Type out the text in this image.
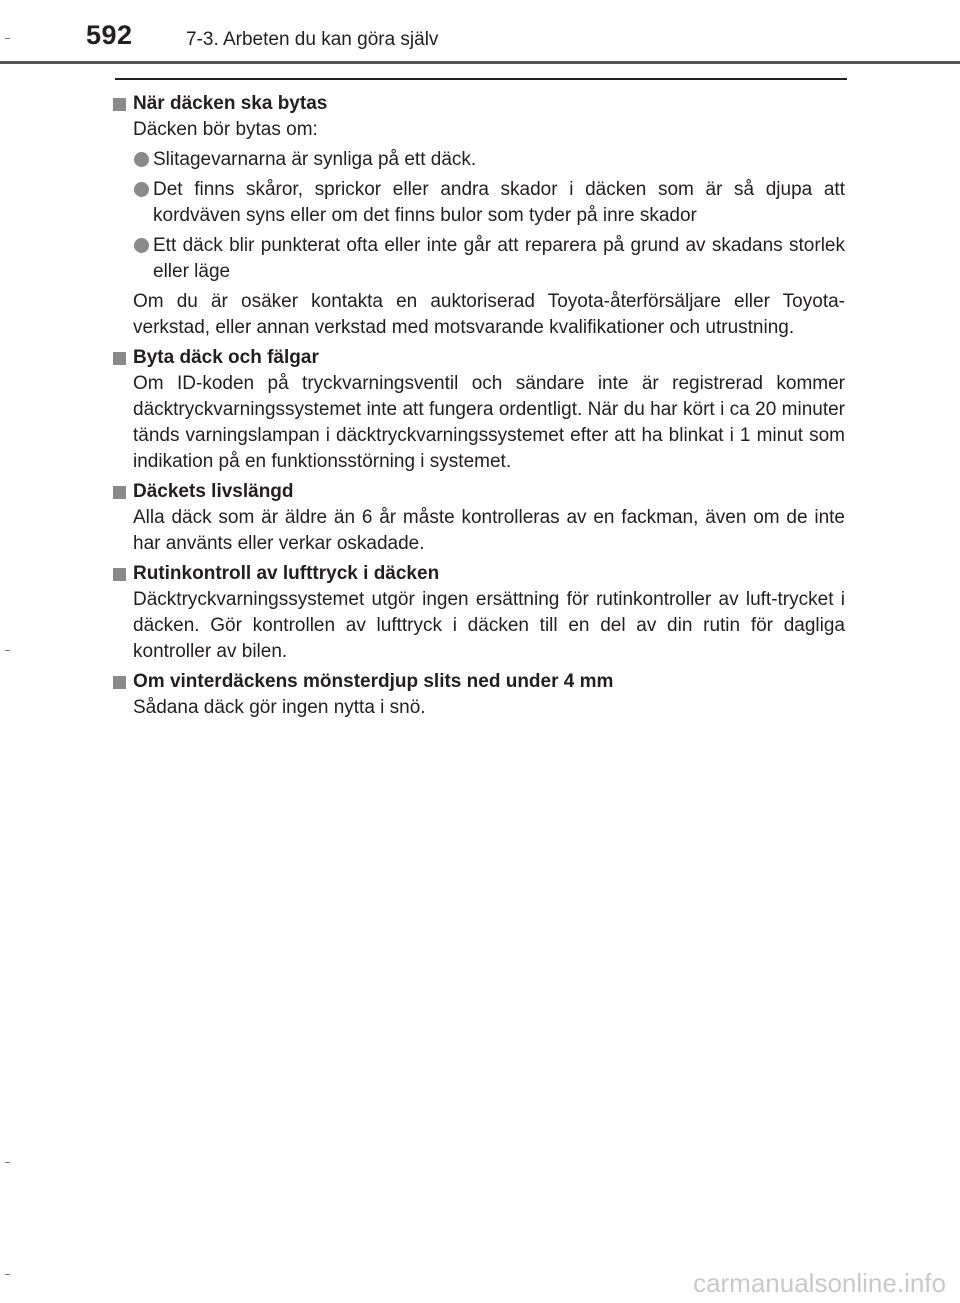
592	7-3. Arbeten du kan göra själv
När däcken ska bytas
Däcken bör bytas om:
Slitagevarnarna är synliga på ett däck.
Det finns skåror, sprickor eller andra skador i däcken som är så djupa att kordväven syns eller om det finns bulor som tyder på inre skador
Ett däck blir punkterat ofta eller inte går att reparera på grund av skadans storlek eller läge
Om du är osäker kontakta en auktoriserad Toyota-återförsäljare eller Toyota-verkstad, eller annan verkstad med motsvarande kvalifikationer och utrustning.
Byta däck och fälgar
Om ID-koden på tryckvarningsventil och sändare inte är registrerad kommer däcktryckvarningssystemet inte att fungera ordentligt. När du har kört i ca 20 minuter tänds varningslampan i däcktryckvarningssystemet efter att ha blinkat i 1 minut som indikation på en funktionsstörning i systemet.
Däckets livslängd
Alla däck som är äldre än 6 år måste kontrolleras av en fackman, även om de inte har använts eller verkar oskadade.
Rutinkontroll av lufttryck i däcken
Däcktryckvarningssystemet utgör ingen ersättning för rutinkontroller av luft-trycket i däcken. Gör kontrollen av lufttryck i däcken till en del av din rutin för dagliga kontroller av bilen.
Om vinterdäckens mönsterdjup slits ned under 4 mm
Sådana däck gör ingen nytta i snö.
carmanualsonline.info
